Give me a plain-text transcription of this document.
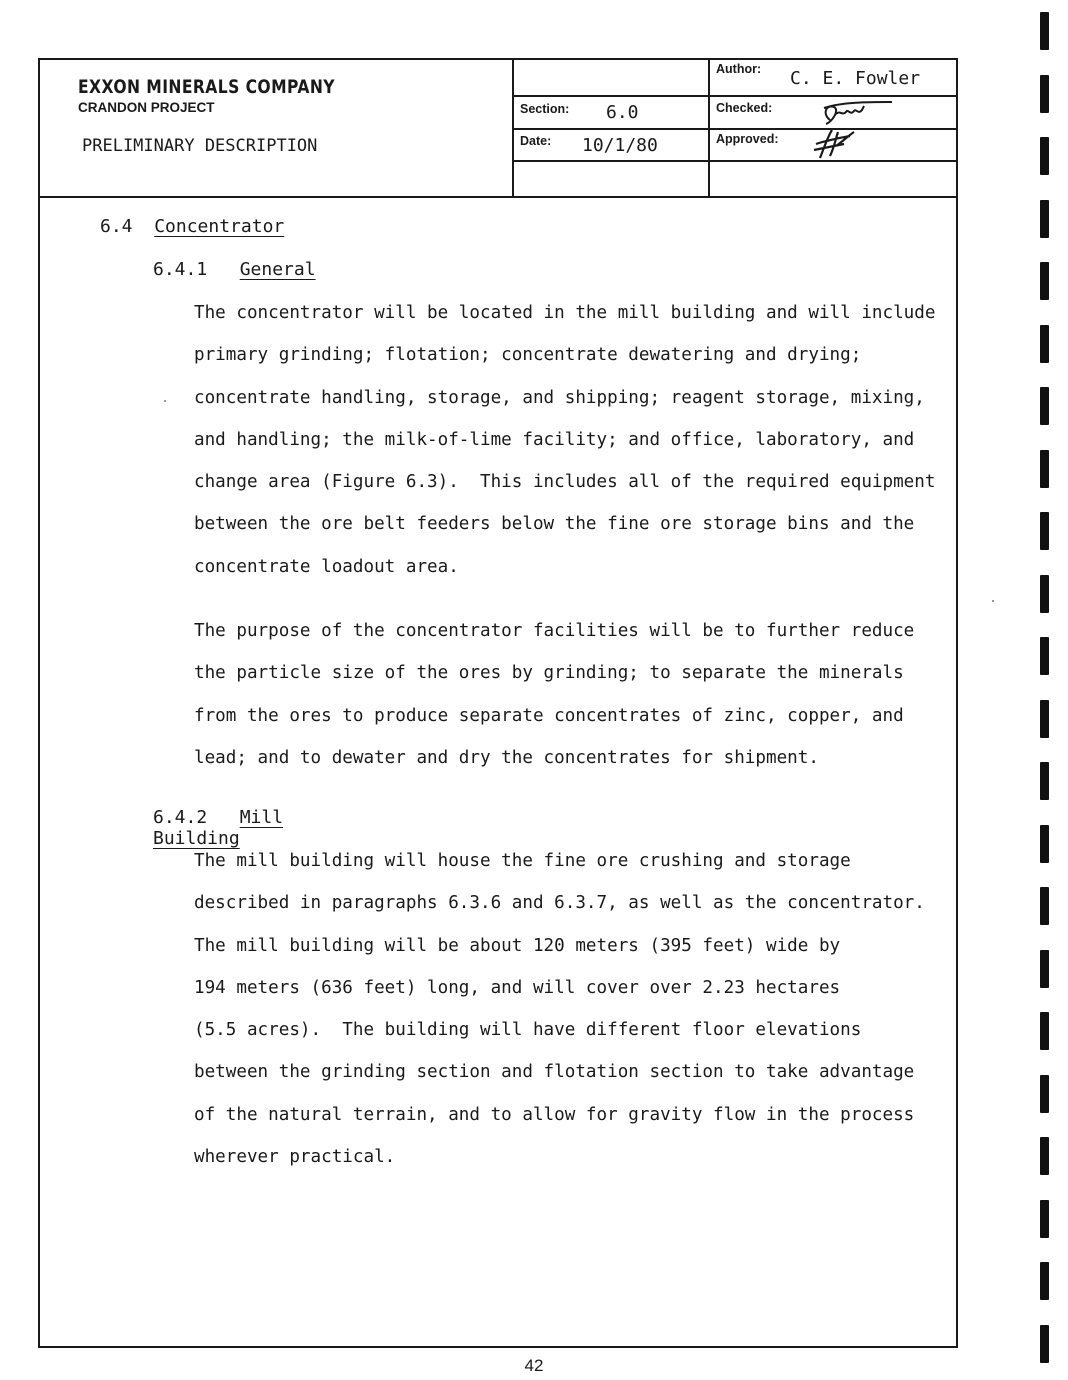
EXXON MINERALS COMPANY
CRANDON PROJECT
PRELIMINARY DESCRIPTION
Author: C. E. Fowler
Section: 6.0	Checked:
Date: 10/1/80	Approved:
6.4 Concentrator
6.4.1 General
The concentrator will be located in the mill building and will include
primary grinding; flotation; concentrate dewatering and drying;
concentrate handling, storage, and shipping; reagent storage, mixing,
and handling; the milk-of-lime facility; and office, laboratory, and
change area (Figure 6.3).  This includes all of the required equipment
between the ore belt feeders below the fine ore storage bins and the
concentrate loadout area.
The purpose of the concentrator facilities will be to further reduce
the particle size of the ores by grinding; to separate the minerals
from the ores to produce separate concentrates of zinc, copper, and
lead; and to dewater and dry the concentrates for shipment.
6.4.2 Mill Building
The mill building will house the fine ore crushing and storage
described in paragraphs 6.3.6 and 6.3.7, as well as the concentrator.
The mill building will be about 120 meters (395 feet) wide by
194 meters (636 feet) long, and will cover over 2.23 hectares
(5.5 acres).  The building will have different floor elevations
between the grinding section and flotation section to take advantage
of the natural terrain, and to allow for gravity flow in the process
wherever practical.
42
